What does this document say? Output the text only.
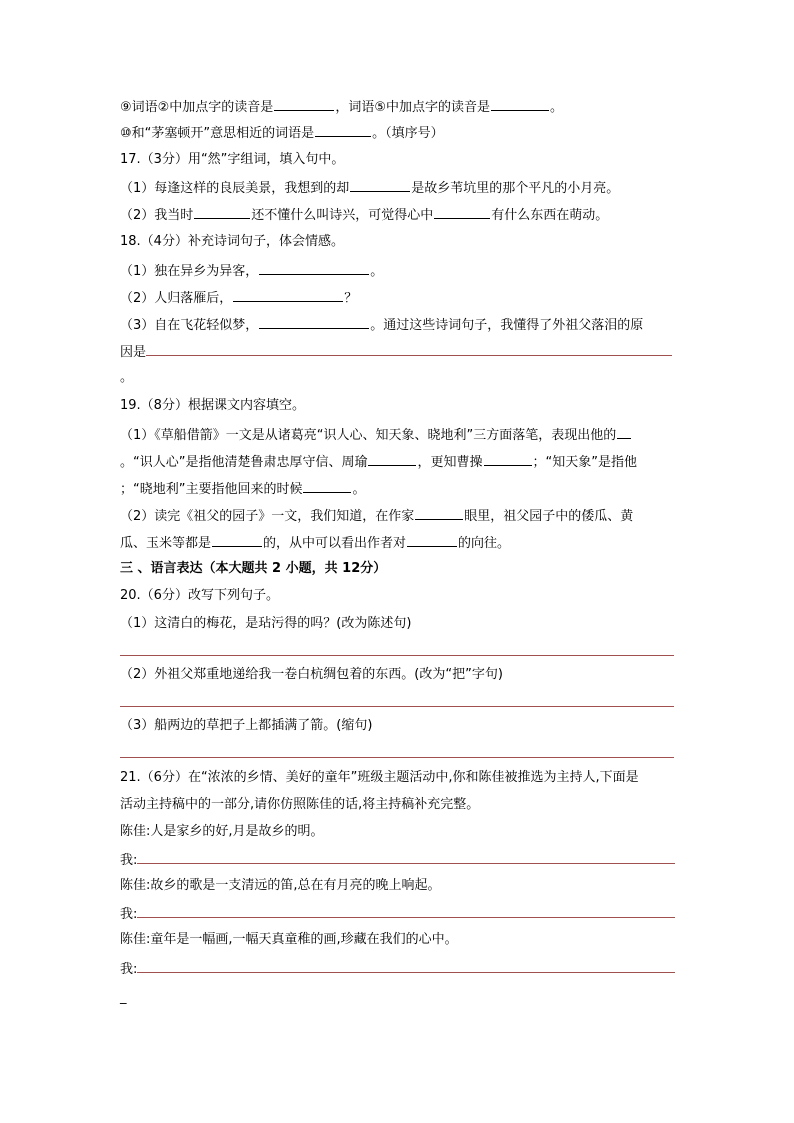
⑨词语②中加点字的读音是	，词语⑤中加点字的读音是	。
⑩和“茅塞顿开”意思相近的词语是	。（填序号）
17.（3分）用“然”字组词，填入句中。
（1）每逢这样的良辰美景，我想到的却	是故乡苇坑里的那个平凡的小月亮。
（2）我当时	还不懂什么叫诗兴，可觉得心中	有什么东西在萌动。
18.（4分）补充诗词句子，体会情感。
（1）独在异乡为异客，	。
（2）人归落雁后，	？
（3）自在飞花轻似梦，	。通过这些诗词句子，我懂得了外祖父落泪的原
因是
。
19.（8分）根据课文内容填空。
（1）《草船借箭》一文是从诸葛亮“识人心、知天象、晓地利”三方面落笔，表现出他的
。“识人心”是指他清楚鲁肃忠厚守信、周瑜	，更知曹操	；“知天象”是指他
；“晓地利”主要指他回来的时候	。
（2）读完《祖父的园子》一文，我们知道，在作家	眼里，祖父园子中的倭瓜、黄
瓜、玉米等都是	的，从中可以看出作者对	的向往。
三 、语言表达（本大题共 2 小题，共 12分）
20.（6分）改写下列句子。
（1）这清白的梅花，是玷污得的吗？(改为陈述句)
（2）外祖父郑重地递给我一卷白杭绸包着的东西。(改为“把”字句)
（3）船两边的草把子上都插满了箭。(缩句)
21.（6分）在“浓浓的乡情、美好的童年”班级主题活动中,你和陈佳被推选为主持人,下面是
活动主持稿中的一部分,请你仿照陈佳的话,将主持稿补充完整。
陈佳:人是家乡的好,月是故乡的明。
我:
陈佳:故乡的歌是一支清远的笛,总在有月亮的晚上响起。
我:
陈佳:童年是一幅画,一幅天真童稚的画,珍藏在我们的心中。
我:
_
